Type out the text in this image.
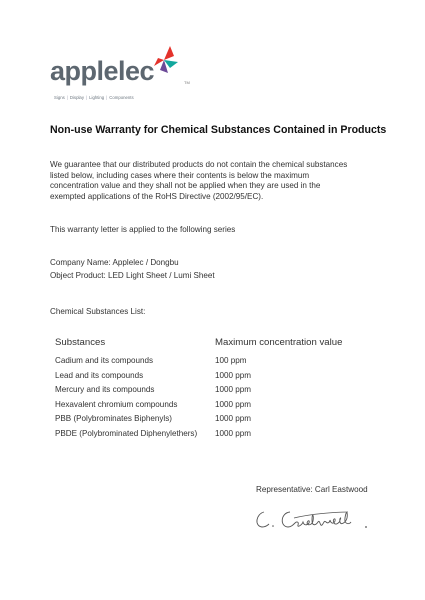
applelec	TM
Signs | Display | Lighting | Components
Non-use Warranty for Chemical Substances Contained in Products

We guarantee that our distributed products do not contain the chemical substances
listed below, including cases where their contents is below the maximum
concentration value and they shall not be applied when they are used in the
exempted applications of the RoHS Directive (2002/95/EC).

This warranty letter is applied to the following series

Company Name: Applelec / Dongbu

Object Product: LED Light Sheet / Lumi Sheet

Chemical Substances List:

Substances	Maximum concentration value
Cadium and its compounds	100 ppm
Lead and its compounds	1000 ppm
Mercury and its compounds	1000 ppm
Hexavalent chromium compounds	1000 ppm
PBB (Polybrominates Biphenyls)	1000 ppm
PBDE (Polybrominated Diphenylethers)	1000 ppm
Representative: Carl Eastwood
